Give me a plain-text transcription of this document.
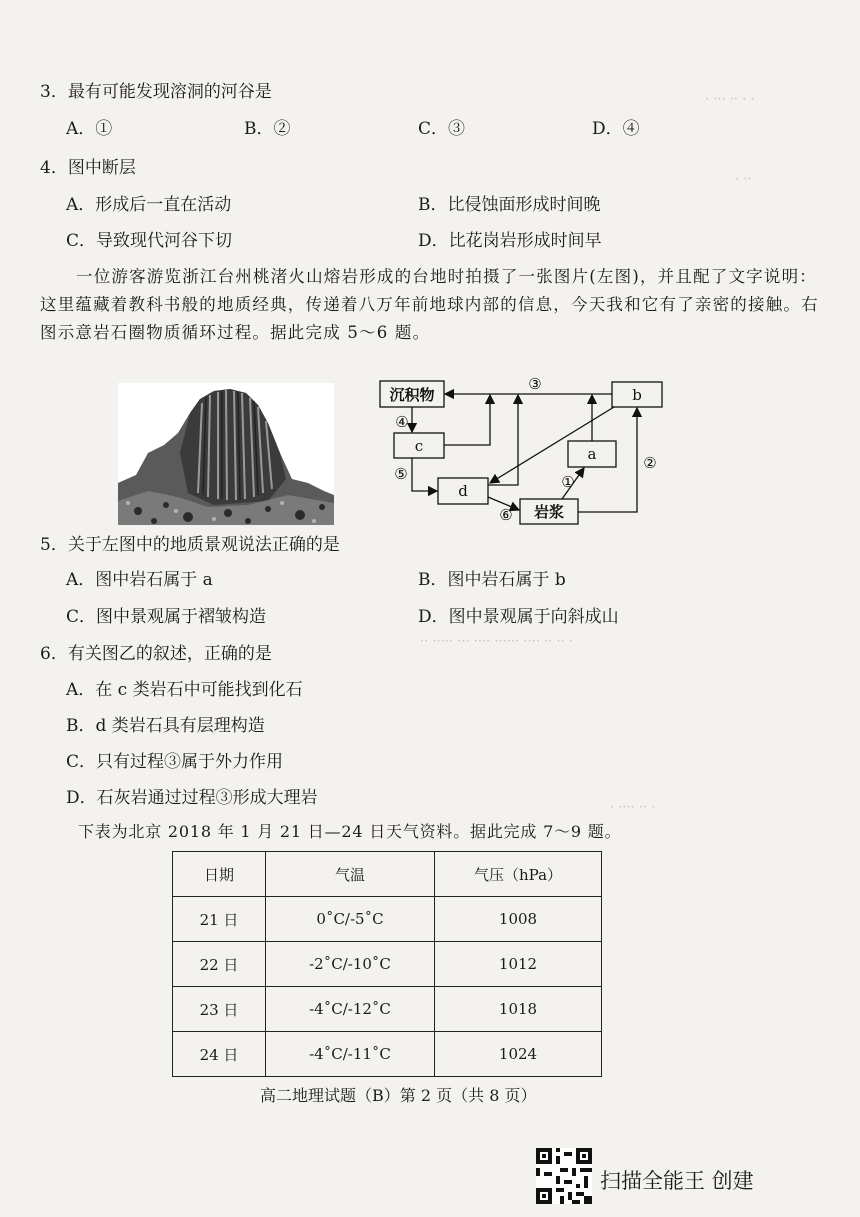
· ··· ·· · ·
· ··
·· ····· ··· ···· ······ ···· ·· ·· ·
· ···· ·· ·
3．最有可能发现溶洞的河谷是
A．①	B．②	C．③	D．④
4．图中断层
A．形成后一直在活动	B．比侵蚀面形成时间晚
C．导致现代河谷下切	D．比花岗岩形成时间早
一位游客游览浙江台州桃渚火山熔岩形成的台地时拍摄了一张图片(左图)，并且配了文字说明：这里蕴藏着教科书般的地质经典，传递着八万年前地球内部的信息，今天我和它有了亲密的接触。右图示意岩石圈物质循环过程。据此完成 5～6 题。
沉积物	b
c	a
d
岩浆
③
④
⑤
⑥
①
②
5．关于左图中的地质景观说法正确的是
A．图中岩石属于 a	B．图中岩石属于 b
C．图中景观属于褶皱构造	D．图中景观属于向斜成山
6．有关图乙的叙述，正确的是
A．在 c 类岩石中可能找到化石
B．d 类岩石具有层理构造
C．只有过程③属于外力作用
D．石灰岩通过过程③形成大理岩
下表为北京 2018 年 1 月 21 日—24 日天气资料。据此完成 7～9 题。
日期	气温	气压（hPa）
21 日	0˚C/-5˚C	1008
22 日	-2˚C/-10˚C	1012
23 日	-4˚C/-12˚C	1018
24 日	-4˚C/-11˚C	1024
高二地理试题（B）第 2 页（共 8 页）
扫描全能王 创建
